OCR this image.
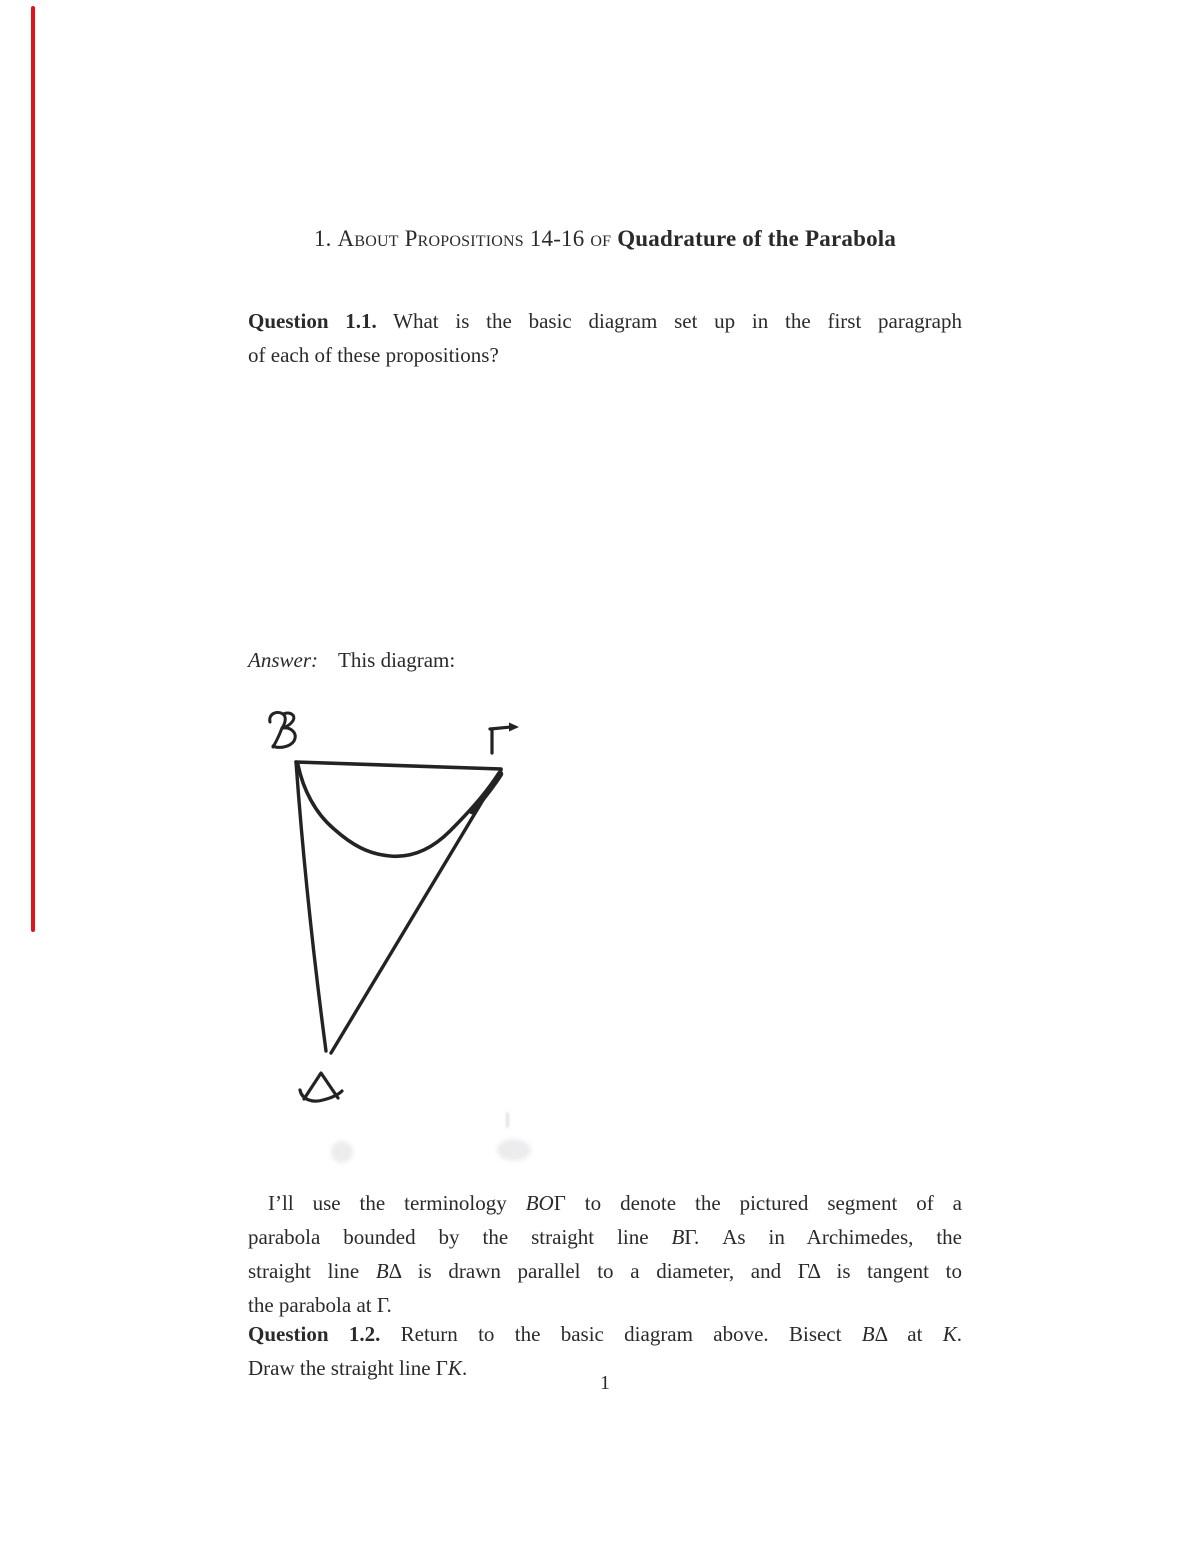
1. About Propositions 14-16 of Quadrature of the Parabola
Question 1.1. What is the basic diagram set up in the first paragraph
of each of these propositions?
Answer: This diagram:
I’ll use the terminology BOΓ to denote the pictured segment of a
parabola bounded by the straight line BΓ. As in Archimedes, the
straight line BΔ is drawn parallel to a diameter, and ΓΔ is tangent to
the parabola at Γ.
Question 1.2. Return to the basic diagram above. Bisect BΔ at K.
Draw the straight line ΓK.
1
